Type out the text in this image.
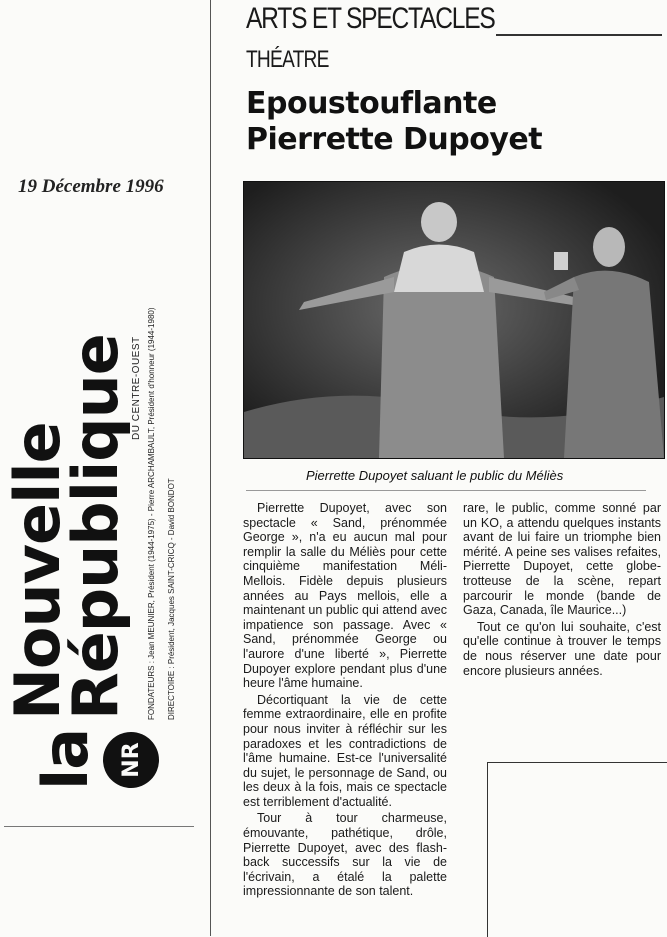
19 Décembre 1996
la
Nouvelle
République
NR
DU CENTRE-OUEST FONDATEURS : Jean MEUNIER, Président (1944-1975) - Pierre ARCHAMBAULT, Président d'honneur (1944-1980) DIRECTOIRE : Président, Jacques SAINT-CRICQ - David BONDOT
ARTS ET SPECTACLES
THÉATRE
Epoustouflante
Pierrette Dupoyet
Pierrette Dupoyet saluant le public du Méliès

Pierrette Dupoyet, avec son spectacle « Sand, prénommée George », n'a eu aucun mal pour remplir la salle du Méliès pour cette cinquième manifestation Méli-Mellois. Fidèle depuis plusieurs années au Pays mellois, elle a maintenant un public qui attend avec impatience son passage. Avec « Sand, prénommée George ou l'aurore d'une liberté », Pierrette Dupoyer explore pendant plus d'une heure l'âme humaine.

Décortiquant la vie de cette femme extraordinaire, elle en profite pour nous inviter à réfléchir sur les paradoxes et les contradictions de l'âme humaine. Est-ce l'universalité du sujet, le personnage de Sand, ou les deux à la fois, mais ce spectacle est terriblement d'actualité.

Tour à tour charmeuse, émouvante, pathétique, drôle, Pierrette Dupoyet, avec des flash-back successifs sur la vie de l'écrivain, a étalé la palette impressionnante de son talent.

rare, le public, comme sonné par un KO, a attendu quelques instants avant de lui faire un triomphe bien mérité. A peine ses valises refaites, Pierrette Dupoyet, cette globe-trotteuse de la scène, repart parcourir le monde (bande de Gaza, Canada, île Maurice...)

Tout ce qu'on lui souhaite, c'est qu'elle continue à trouver le temps de nous réserver une date pour encore plusieurs années.
